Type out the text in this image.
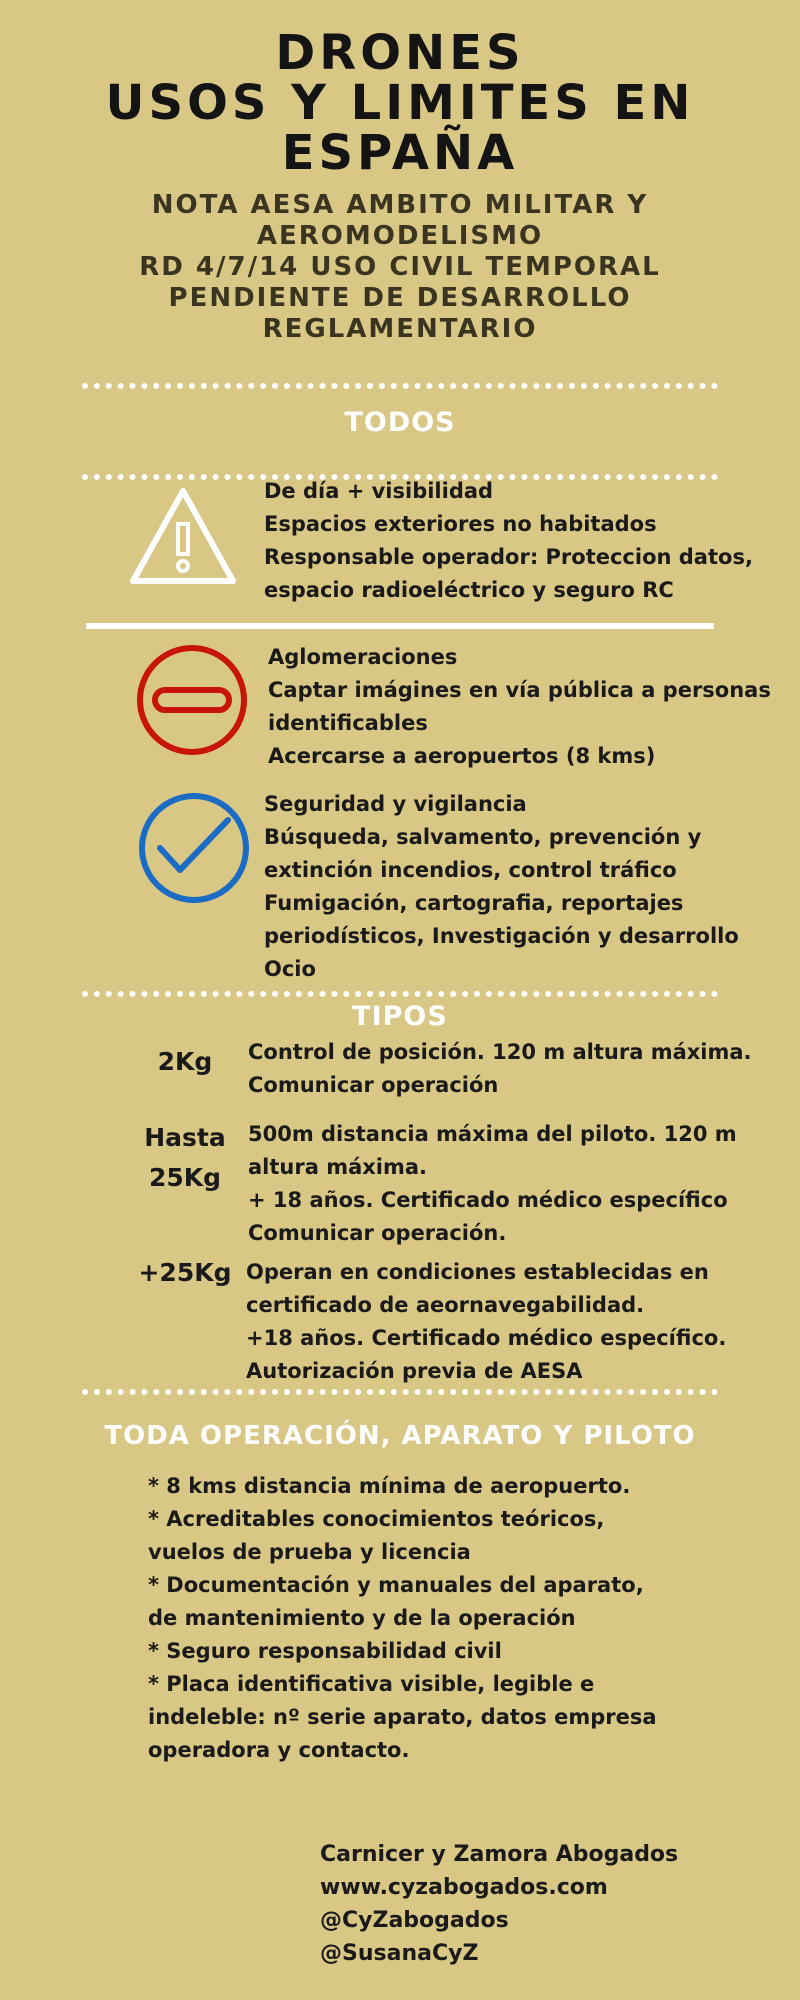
DRONES
USOS Y LIMITES EN
ESPAÑA
NOTA AESA AMBITO MILITAR Y
AEROMODELISMO
RD 4/7/14 USO CIVIL TEMPORAL
PENDIENTE DE DESARROLLO
REGLAMENTARIO
TODOS
De día + visibilidad
Espacios exteriores no habitados
Responsable operador: Proteccion datos,
espacio radioeléctrico y seguro RC
Aglomeraciones
Captar imágines en vía pública a personas
identificables
Acercarse a aeropuertos (8 kms)
Seguridad y vigilancia
Búsqueda, salvamento, prevención y
extinción incendios, control tráfico
Fumigación, cartografia, reportajes
periodísticos, Investigación y desarrollo
Ocio
TIPOS
2Kg	Control de posición. 120 m altura máxima.
Comunicar operación
Hasta
25Kg
500m distancia máxima del piloto. 120 m
altura máxima.
+ 18 años. Certificado médico específico
Comunicar operación.
+25Kg Operan en condiciones establecidas en
certificado de aeornavegabilidad.
+18 años. Certificado médico específico.
Autorización previa de AESA
TODA OPERACIÓN, APARATO Y PILOTO
* 8 kms distancia mínima de aeropuerto.
* Acreditables conocimientos teóricos,
vuelos de prueba y licencia
* Documentación y manuales del aparato,
de mantenimiento y de la operación
* Seguro responsabilidad civil
* Placa identificativa visible, legible e
indeleble: nº serie aparato, datos empresa
operadora y contacto.
Carnicer y Zamora Abogados
www.cyzabogados.com @CyZabogados
@SusanaCyZ
